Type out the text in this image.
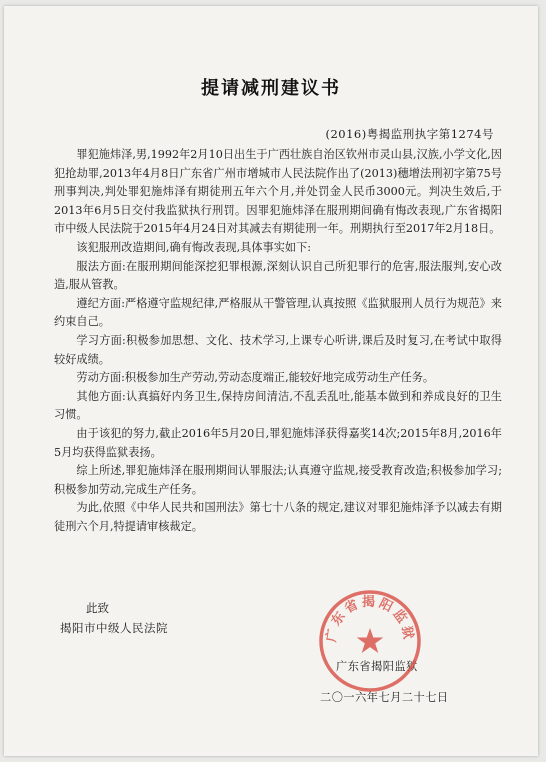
提请减刑建议书
(2016)粤揭监刑执字第1274号

罪犯施炜泽,男,1992年2月10日出生于广西壮族自治区钦州市灵山县,汉族,小学文化,因犯抢劫罪,2013年4月8日广东省广州市增城市人民法院作出了(2013)穗增法刑初字第75号刑事判决,判处罪犯施炜泽有期徒刑五年六个月,并处罚金人民币3000元。判决生效后,于2013年6月5日交付我监狱执行刑罚。因罪犯施炜泽在服刑期间确有悔改表现,广东省揭阳市中级人民法院于2015年4月24日对其减去有期徒刑一年。刑期执行至2017年2月18日。

该犯服刑改造期间,确有悔改表现,具体事实如下:

服法方面:在服刑期间能深挖犯罪根源,深刻认识自己所犯罪行的危害,服法服判,安心改造,服从管教。

遵纪方面:严格遵守监规纪律,严格服从干警管理,认真按照《监狱服刑人员行为规范》来约束自己。

学习方面:积极参加思想、文化、技术学习,上课专心听讲,课后及时复习,在考试中取得较好成绩。

劳动方面:积极参加生产劳动,劳动态度端正,能较好地完成劳动生产任务。

其他方面:认真搞好内务卫生,保持房间清洁,不乱丢乱吐,能基本做到和养成良好的卫生习惯。

由于该犯的努力,截止2016年5月20日,罪犯施炜泽获得嘉奖14次;2015年8月,2016年5月均获得监狱表扬。

综上所述,罪犯施炜泽在服刑期间认罪服法;认真遵守监规,接受教育改造;积极参加学习;积极参加劳动,完成生产任务。

为此,依照《中华人民共和国刑法》第七十八条的规定,建议对罪犯施炜泽予以减去有期徒刑六个月,特提请审核裁定。

此致
揭阳市中级人民法院	广东省揭阳监狱
广东省揭阳监狱
二〇一六年七月二十七日
